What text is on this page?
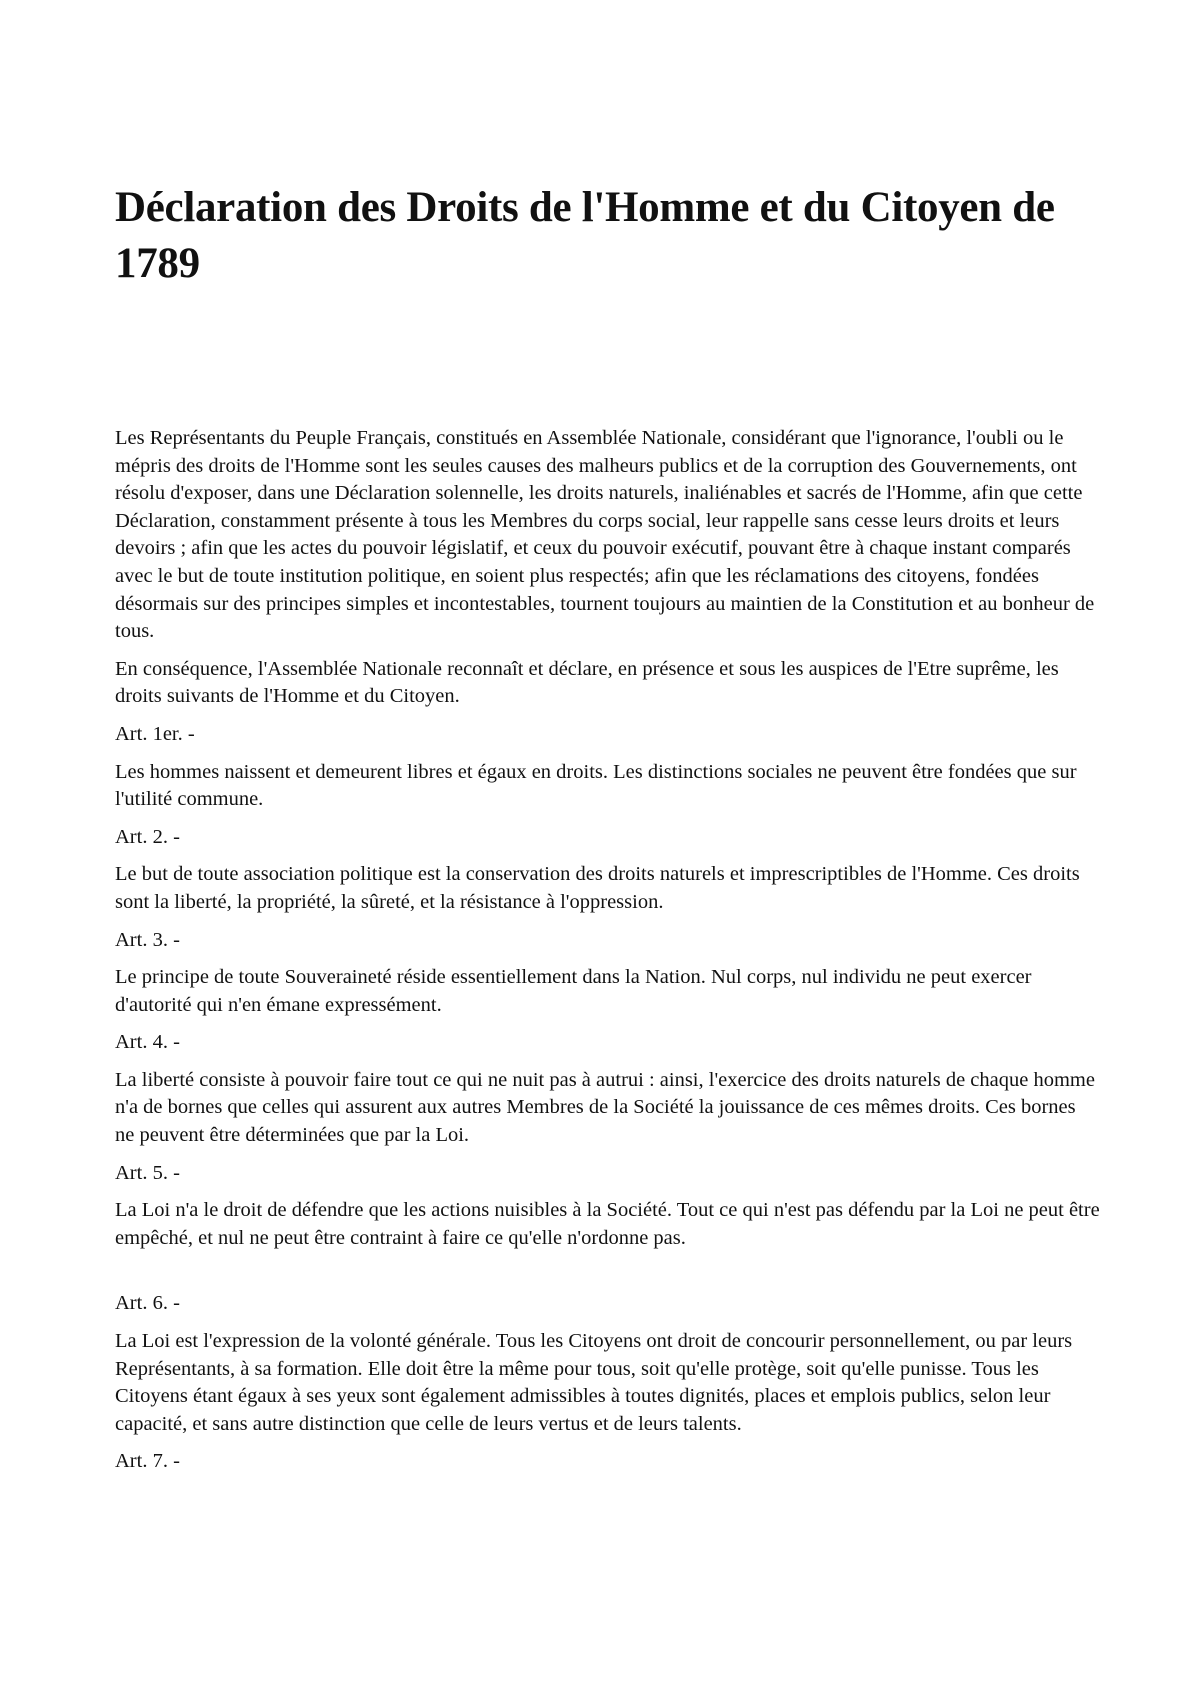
Déclaration des Droits de l'Homme et du Citoyen de 1789

Les Représentants du Peuple Français, constitués en Assemblée Nationale, considérant que l'ignorance, l'oubli ou le mépris des droits de l'Homme sont les seules causes des malheurs publics et de la corruption des Gouvernements, ont résolu d'exposer, dans une Déclaration solennelle, les droits naturels, inaliénables et sacrés de l'Homme, afin que cette Déclaration, constamment présente à tous les Membres du corps social, leur rappelle sans cesse leurs droits et leurs devoirs ; afin que les actes du pouvoir législatif, et ceux du pouvoir exécutif, pouvant être à chaque instant comparés avec le but de toute institution politique, en soient plus respectés; afin que les réclamations des citoyens, fondées désormais sur des principes simples et incontestables, tournent toujours au maintien de la Constitution et au bonheur de tous.

En conséquence, l'Assemblée Nationale reconnaît et déclare, en présence et sous les auspices de l'Etre suprême, les droits suivants de l'Homme et du Citoyen.

Art. 1er. -

Les hommes naissent et demeurent libres et égaux en droits. Les distinctions sociales ne peuvent être fondées que sur l'utilité commune.

Art. 2. -

Le but de toute association politique est la conservation des droits naturels et imprescriptibles de l'Homme. Ces droits sont la liberté, la propriété, la sûreté, et la résistance à l'oppression.

Art. 3. -

Le principe de toute Souveraineté réside essentiellement dans la Nation. Nul corps, nul individu ne peut exercer d'autorité qui n'en émane expressément.

Art. 4. -

La liberté consiste à pouvoir faire tout ce qui ne nuit pas à autrui : ainsi, l'exercice des droits naturels de chaque homme n'a de bornes que celles qui assurent aux autres Membres de la Société la jouissance de ces mêmes droits. Ces bornes ne peuvent être déterminées que par la Loi.

Art. 5. -

La Loi n'a le droit de défendre que les actions nuisibles à la Société. Tout ce qui n'est pas défendu par la Loi ne peut être empêché, et nul ne peut être contraint à faire ce qu'elle n'ordonne pas.

Art. 6. -

La Loi est l'expression de la volonté générale. Tous les Citoyens ont droit de concourir personnellement, ou par leurs Représentants, à sa formation. Elle doit être la même pour tous, soit qu'elle protège, soit qu'elle punisse. Tous les Citoyens étant égaux à ses yeux sont également admissibles à toutes dignités, places et emplois publics, selon leur capacité, et sans autre distinction que celle de leurs vertus et de leurs talents.

Art. 7. -
